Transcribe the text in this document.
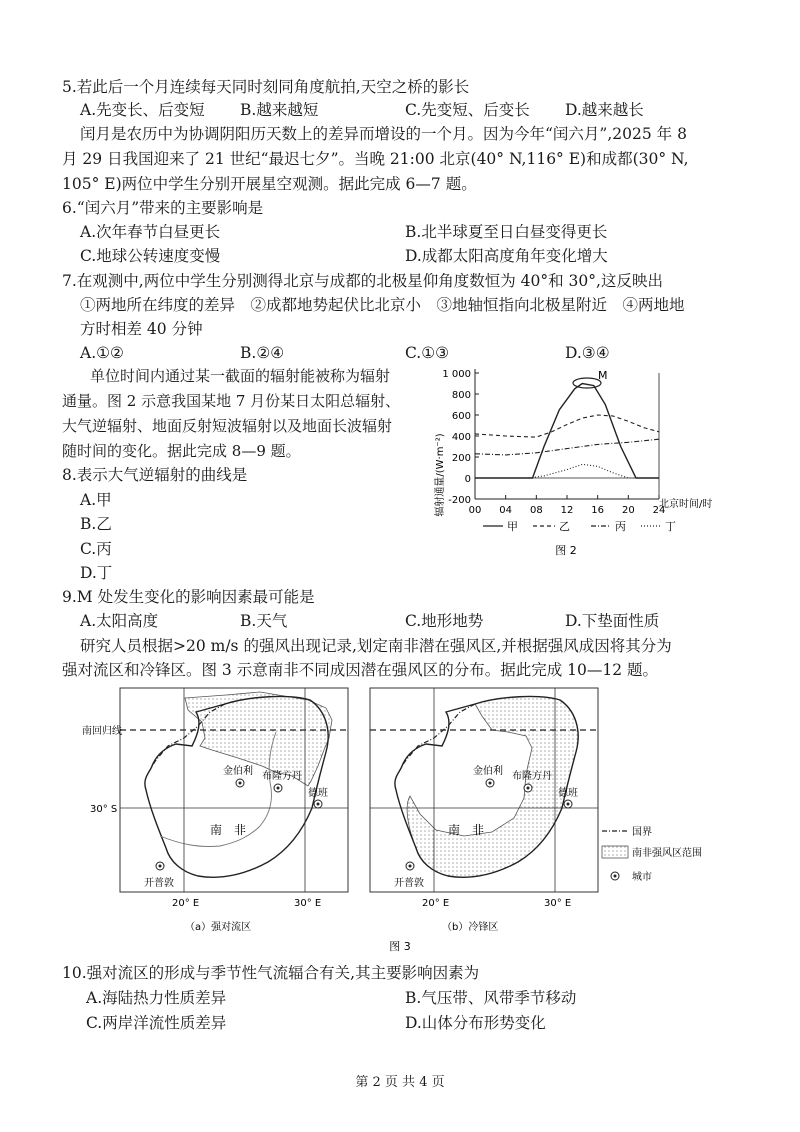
5.若此后一个月连续每天同时刻同角度航拍,天空之桥的影长
A.先变长、后变短 B.越来越短	C.先变短、后变长 D.越来越长
闰月是农历中为协调阴阳历天数上的差异而增设的一个月。因为今年“闰六月”,2025 年 8
月 29 日我国迎来了 21 世纪“最迟七夕”。当晚 21:00 北京(40° N,116° E)和成都(30° N,
105° E)两位中学生分别开展星空观测。据此完成 6—7 题。
6.“闰六月”带来的主要影响是
A.次年春节白昼更长	B.北半球夏至日白昼变得更长
C.地球公转速度变慢	D.成都太阳高度角年变化增大
7.在观测中,两位中学生分别测得北京与成都的北极星仰角度数恒为 40°和 30°,这反映出
①两地所在纬度的差异　②成都地势起伏比北京小　③地轴恒指向北极星附近　④两地地
方时相差 40 分钟
A.①②	B.②④	C.①③	D.③④
单位时间内通过某一截面的辐射能被称为辐射
通量。图 2 示意我国某地 7 月份某日太阳总辐射、
大气逆辐射、地面反射短波辐射以及地面长波辐射
随时间的变化。据此完成 8—9 题。
8.表示大气逆辐射的曲线是
A.甲
B.乙
C.丙
D.丁
1 000
800
600
400
200
0
-200
00 04 08 12 16 20 24
M
辐射通量/(W·m⁻²)	北京时间/时
甲	乙	丙	丁
图 2
9.M 处发生变化的影响因素最可能是
A.太阳高度	B.天气	C.地形地势	D.下垫面性质
研究人员根据>20 m/s 的强风出现记录,划定南非潜在强风区,并根据强风成因将其分为
强对流区和冷锋区。图 3 示意南非不同成因潜在强风区的分布。据此完成 10—12 题。
南回归线
30° S
20° E	30° E
南　非
金伯利 布隆方丹
德班
开普敦
（a）强对流区
20° E	30° E
南　非
金伯利 布隆方丹
德班
开普敦
（b）冷锋区
国界
南非强风区范围
城市
图 3
10.强对流区的形成与季节性气流辐合有关,其主要影响因素为
A.海陆热力性质差异	B.气压带、风带季节移动
C.两岸洋流性质差异	D.山体分布形势变化
第 2 页 共 4 页
